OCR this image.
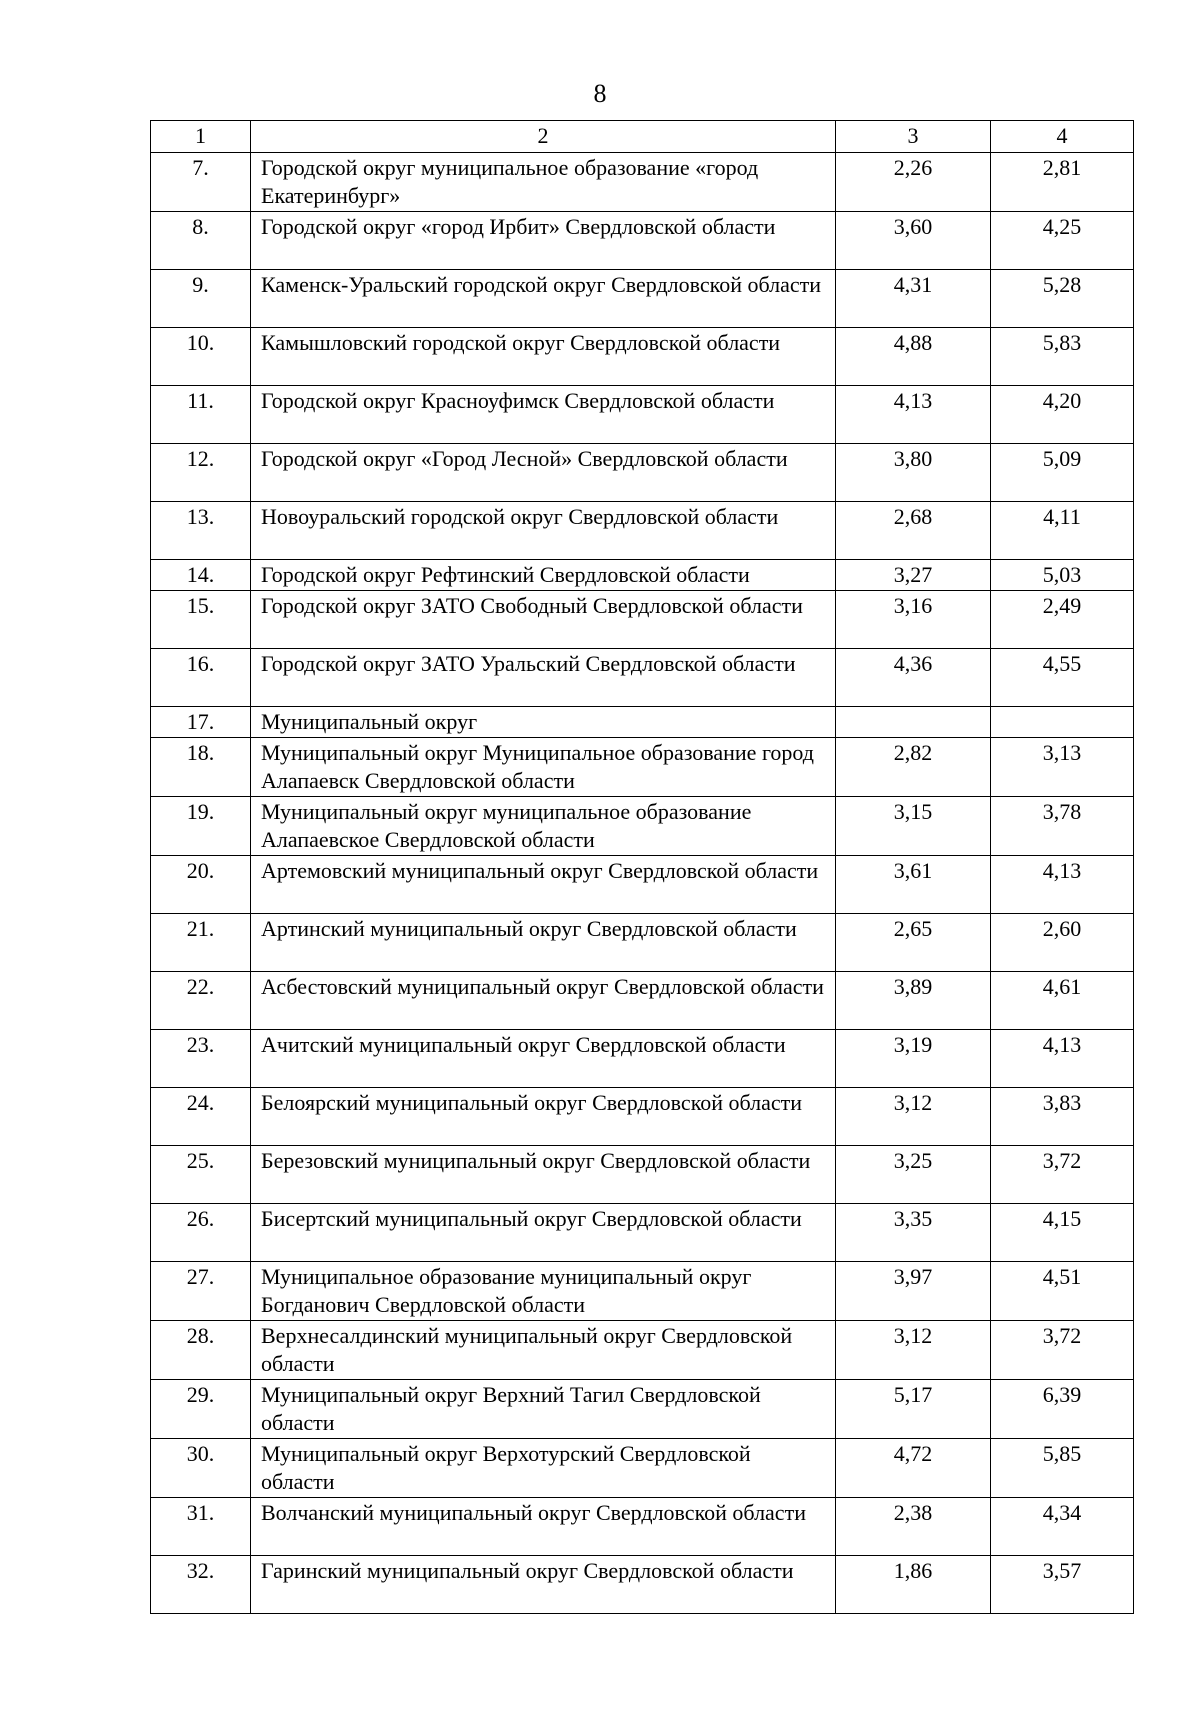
8
1	2	3	4
7.	Городской округ муниципальное образование «город Екатеринбург»	2,26	2,81
8.	Городской округ «город Ирбит» Свердловской области	3,60	4,25
9.	Каменск-Уральский городской округ Свердловской области	4,31	5,28
10.	Камышловский городской округ Свердловской области	4,88	5,83
11.	Городской округ Красноуфимск Свердловской области	4,13	4,20
12.	Городской округ «Город Лесной» Свердловской области	3,80	5,09
13.	Новоуральский городской округ Свердловской области	2,68	4,11
14.	Городской округ Рефтинский Свердловской области	3,27	5,03
15.	Городской округ ЗАТО Свободный Свердловской области	3,16	2,49
16.	Городской округ ЗАТО Уральский Свердловской области	4,36	4,55
17.	Муниципальный округ		
18.	Муниципальный округ Муниципальное образование город Алапаевск Свердловской области	2,82	3,13
19.	Муниципальный округ муниципальное образование Алапаевское Свердловской области	3,15	3,78
20.	Артемовский муниципальный округ Свердловской области	3,61	4,13
21.	Артинский муниципальный округ Свердловской области	2,65	2,60
22.	Асбестовский муниципальный округ Свердловской области	3,89	4,61
23.	Ачитский муниципальный округ Свердловской области	3,19	4,13
24.	Белоярский муниципальный округ Свердловской области	3,12	3,83
25.	Березовский муниципальный округ Свердловской области	3,25	3,72
26.	Бисертский муниципальный округ Свердловской области	3,35	4,15
27.	Муниципальное образование муниципальный округ Богданович Свердловской области	3,97	4,51
28.	Верхнесалдинский муниципальный округ Свердловской области	3,12	3,72
29.	Муниципальный округ Верхний Тагил Свердловской области	5,17	6,39
30.	Муниципальный округ Верхотурский Свердловской области	4,72	5,85
31.	Волчанский муниципальный округ Свердловской области	2,38	4,34
32.	Гаринский муниципальный округ Свердловской области	1,86	3,57
